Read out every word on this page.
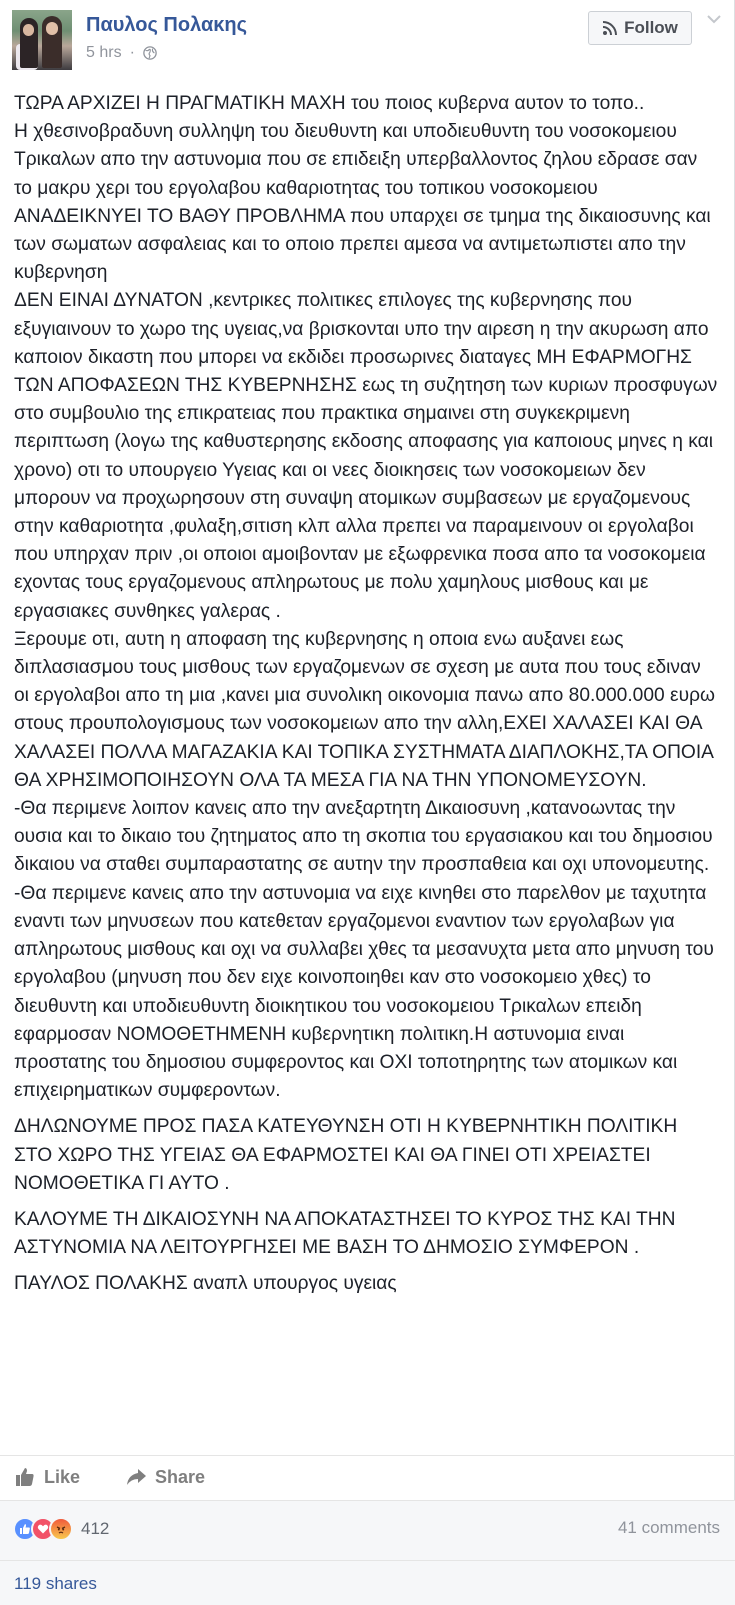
Παυλος Πολακης
5 hrs ·
Follow

ΤΩΡΑ ΑΡΧΙΖΕΙ Η ΠΡΑΓΜΑΤΙΚΗ ΜΑΧΗ του ποιος κυβερνα αυτον το τοπο..
Η χθεσινοβραδυνη συλληψη του διευθυντη και υποδιευθυντη του νοσοκομειου Τρικαλων απο την αστυνομια που σε επιδειξη υπερβαλλοντος ζηλου εδρασε σαν το μακρυ χερι του εργολαβου καθαριοτητας του τοπικου νοσοκομειου ΑΝΑΔΕΙΚΝΥΕΙ ΤΟ ΒΑΘΥ ΠΡΟΒΛΗΜΑ που υπαρχει σε τμημα της δικαιοσυνης και των σωματων ασφαλειας και το οποιο πρεπει αμεσα να αντιμετωπιστει απο την κυβερνηση
ΔΕΝ ΕΙΝΑΙ ΔΥΝΑΤΟΝ ,κεντρικες πολιτικες επιλογες της κυβερνησης που εξυγιαινουν το χωρο της υγειας,να βρισκονται υπο την αιρεση η την ακυρωση απο καποιον δικαστη που μπορει να εκδιδει προσωρινες διαταγες ΜΗ ΕΦΑΡΜΟΓΗΣ ΤΩΝ ΑΠΟΦΑΣΕΩΝ ΤΗΣ ΚΥΒΕΡΝΗΣΗΣ εως τη συζητηση των κυριων προσφυγων στο συμβουλιο της επικρατειας που πρακτικα σημαινει στη συγκεκριμενη περιπτωση (λογω της καθυστερησης εκδοσης αποφασης για καποιους μηνες η και χρονο) οτι το υπουργειο Υγειας και οι νεες διοικησεις των νοσοκομειων δεν μπορουν να προχωρησουν στη συναψη ατομικων συμβασεων με εργαζομενους στην καθαριοτητα ,φυλαξη,σιτιση κλπ αλλα πρεπει να παραμεινουν οι εργολαβοι που υπηρχαν πριν ,οι οποιοι αμοιβονταν με εξωφρενικα ποσα απο τα νοσοκομεια εχοντας τους εργαζομενους απληρωτους με πολυ χαμηλους μισθους και με εργασιακες συνθηκες γαλερας .
Ξερουμε οτι, αυτη η αποφαση της κυβερνησης η οποια ενω αυξανει εως διπλασιασμου τους μισθους των εργαζομενων σε σχεση με αυτα που τους εδιναν οι εργολαβοι απο τη μια ,κανει μια συνολικη οικονομια πανω απο 80.000.000 ευρω στους προυπολογισμους των νοσοκομειων απο την αλλη,ΕΧΕΙ ΧΑΛΑΣΕΙ ΚΑΙ ΘΑ ΧΑΛΑΣΕΙ ΠΟΛΛΑ ΜΑΓΑΖΑΚΙΑ ΚΑΙ ΤΟΠΙΚΑ ΣΥΣΤΗΜΑΤΑ ΔΙΑΠΛΟΚΗΣ,ΤΑ ΟΠΟΙΑ ΘΑ ΧΡΗΣΙΜΟΠΟΙΗΣΟΥΝ ΟΛΑ ΤΑ ΜΕΣΑ ΓΙΑ ΝΑ ΤΗΝ ΥΠΟΝΟΜΕΥΣΟΥΝ.
-Θα περιμενε λοιπον κανεις απο την ανεξαρτητη Δικαιοσυνη ,κατανοωντας την ουσια και το δικαιο του ζητηματος απο τη σκοπια του εργασιακου και του δημοσιου δικαιου να σταθει συμπαραστατης σε αυτην την προσπαθεια και οχι υπονομευτης.
-Θα περιμενε κανεις απο την αστυνομια να ειχε κινηθει στο παρελθον με ταχυτητα εναντι των μηνυσεων που κατεθεταν εργαζομενοι εναντιον των εργολαβων για απληρωτους μισθους και οχι να συλλαβει χθες τα μεσανυχτα μετα απο μηνυση του εργολαβου (μηνυση που δεν ειχε κοινοποιηθει καν στο νοσοκομειο χθες) το διευθυντη και υποδιευθυντη διοικητικου του νοσοκομειου Τρικαλων επειδη εφαρμοσαν ΝΟΜΟΘΕΤΗΜΕΝΗ κυβερνητικη πολιτικη.Η αστυνομια ειναι προστατης του δημοσιου συμφεροντος και ΟΧΙ τοποτηρητης των ατομικων και επιχειρηματικων συμφεροντων.

ΔΗΛΩΝΟΥΜΕ ΠΡΟΣ ΠΑΣΑ ΚΑΤΕΥΘΥΝΣΗ ΟΤΙ Η ΚΥΒΕΡΝΗΤΙΚΗ ΠΟΛΙΤΙΚΗ ΣΤΟ ΧΩΡΟ ΤΗΣ ΥΓΕΙΑΣ ΘΑ ΕΦΑΡΜΟΣΤΕΙ ΚΑΙ ΘΑ ΓΙΝΕΙ ΟΤΙ ΧΡΕΙΑΣΤΕΙ ΝΟΜΟΘΕΤΙΚΑ ΓΙ ΑΥΤΟ .

ΚΑΛΟΥΜΕ ΤΗ ΔΙΚΑΙΟΣΥΝΗ ΝΑ ΑΠΟΚΑΤΑΣΤΗΣΕΙ ΤΟ ΚΥΡΟΣ ΤΗΣ ΚΑΙ ΤΗΝ ΑΣΤΥΝΟΜΙΑ ΝΑ ΛΕΙΤΟΥΡΓΗΣΕΙ ΜΕ ΒΑΣΗ ΤΟ ΔΗΜΟΣΙΟ ΣΥΜΦΕΡΟΝ .

ΠΑΥΛΟΣ ΠΟΛΑΚΗΣ αναπλ υπουργος υγειας

Like	Share
412	41 comments
119 shares
